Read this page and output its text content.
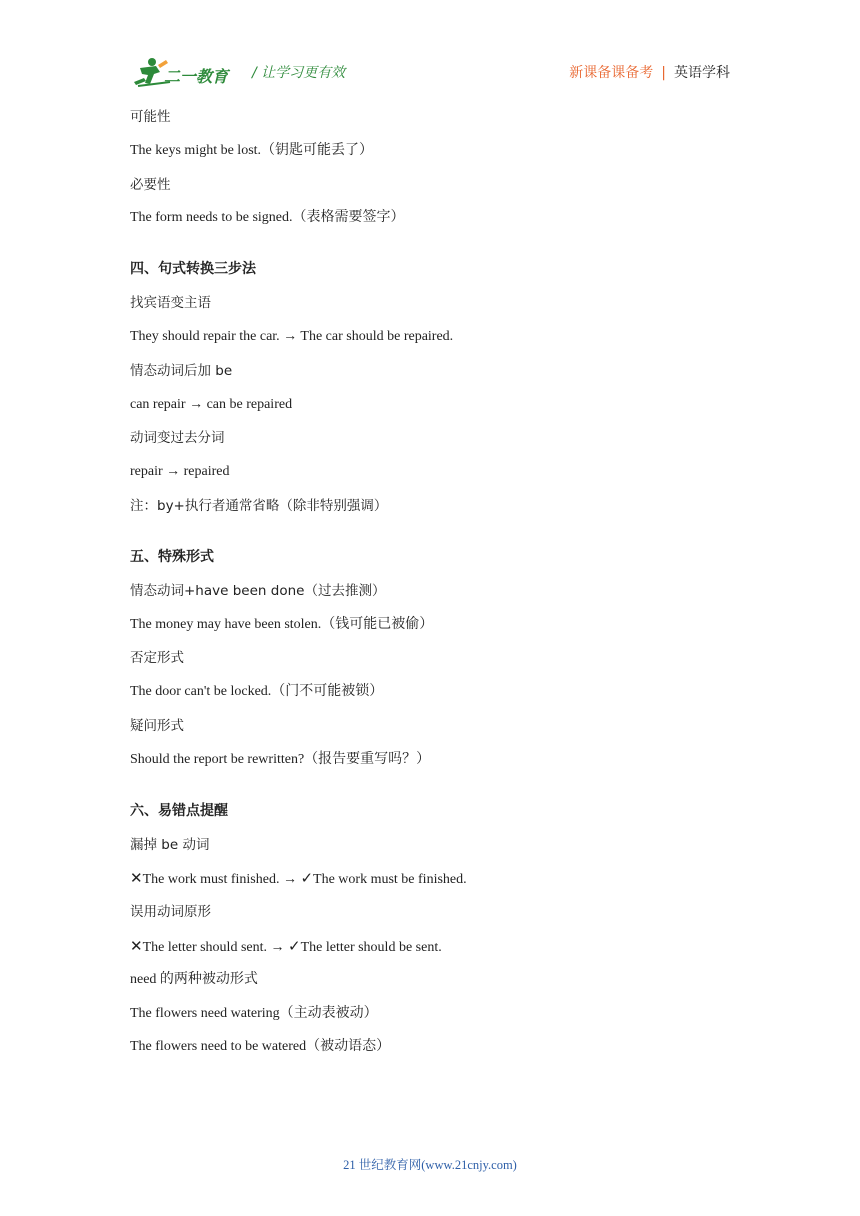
二一教育 / 让学习更有效	新课备课备考 | 英语学科
可能性
The keys might be lost.（钥匙可能丢了）
必要性
The form needs to be signed.（表格需要签字）
四、句式转换三步法
找宾语变主语
They should repair the car. → The car should be repaired.
情态动词后加 be
can repair → can be repaired
动词变过去分词
repair → repaired
注：by+执行者通常省略（除非特别强调）
五、特殊形式
情态动词+have been done（过去推测）
The money may have been stolen.（钱可能已被偷）
否定形式
The door can't be locked.（门不可能被锁）
疑问形式
Should the report be rewritten?（报告要重写吗？）
六、易错点提醒
漏掉 be 动词
✕The work must finished. → ✓The work must be finished.
误用动词原形
✕The letter should sent. → ✓The letter should be sent.
need 的两种被动形式
The flowers need watering（主动表被动）
The flowers need to be watered（被动语态）
21 世纪教育网(www.21cnjy.com)
